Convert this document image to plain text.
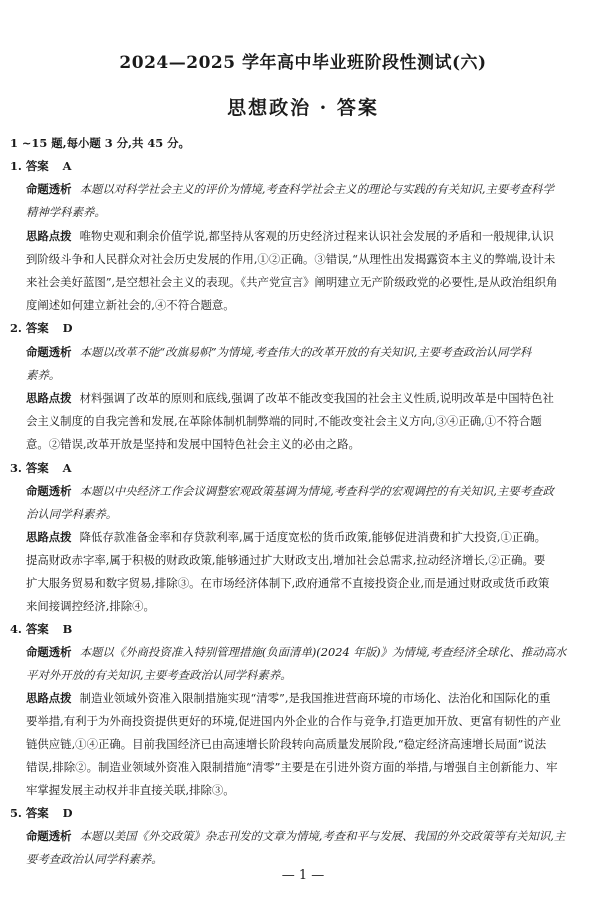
2024—2025 学年高中毕业班阶段性测试(六)
思想政治 · 答案
1 ~15 题,每小题 3 分,共 45 分。
1. 答案 A
命题透析 本题以对科学社会主义的评价为情境,考查科学社会主义的理论与实践的有关知识,主要考查科学
精神学科素养。
思路点拨 唯物史观和剩余价值学说,都坚持从客观的历史经济过程来认识社会发展的矛盾和一般规律,认识
到阶级斗争和人民群众对社会历史发展的作用,①②正确。③错误,“从理性出发揭露资本主义的弊端,设计未
来社会美好蓝图”,是空想社会主义的表现。《共产党宣言》阐明建立无产阶级政党的必要性,是从政治组织角
度阐述如何建立新社会的,④不符合题意。
2. 答案 D
命题透析 本题以改革不能“改旗易帜”为情境,考查伟大的改革开放的有关知识,主要考查政治认同学科
素养。
思路点拨 材料强调了改革的原则和底线,强调了改革不能改变我国的社会主义性质,说明改革是中国特色社
会主义制度的自我完善和发展,在革除体制机制弊端的同时,不能改变社会主义方向,③④正确,①不符合题
意。②错误,改革开放是坚持和发展中国特色社会主义的必由之路。
3. 答案 A
命题透析 本题以中央经济工作会议调整宏观政策基调为情境,考查科学的宏观调控的有关知识,主要考查政
治认同学科素养。
思路点拨 降低存款准备金率和存贷款利率,属于适度宽松的货币政策,能够促进消费和扩大投资,①正确。
提高财政赤字率,属于积极的财政政策,能够通过扩大财政支出,增加社会总需求,拉动经济增长,②正确。要
扩大服务贸易和数字贸易,排除③。在市场经济体制下,政府通常不直接投资企业,而是通过财政或货币政策
来间接调控经济,排除④。
4. 答案 B
命题透析 本题以《外商投资准入特别管理措施(负面清单)(2024 年版)》为情境,考查经济全球化、推动高水
平对外开放的有关知识,主要考查政治认同学科素养。
思路点拨 制造业领域外资准入限制措施实现“清零”,是我国推进营商环境的市场化、法治化和国际化的重
要举措,有利于为外商投资提供更好的环境,促进国内外企业的合作与竞争,打造更加开放、更富有韧性的产业
链供应链,①④正确。目前我国经济已由高速增长阶段转向高质量发展阶段,“稳定经济高速增长局面”说法
错误,排除②。制造业领域外资准入限制措施“清零”主要是在引进外资方面的举措,与增强自主创新能力、牢
牢掌握发展主动权并非直接关联,排除③。
5. 答案 D
命题透析 本题以美国《外交政策》杂志刊发的文章为情境,考查和平与发展、我国的外交政策等有关知识,主
要考查政治认同学科素养。
— 1 —
